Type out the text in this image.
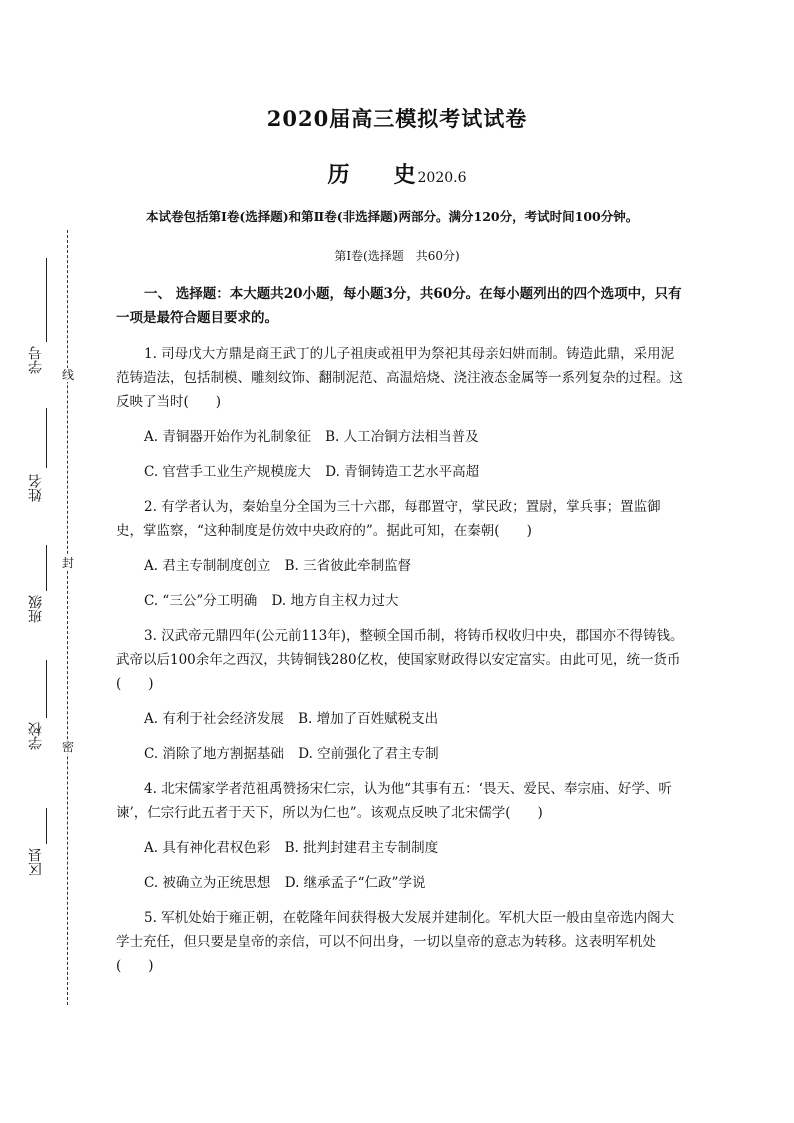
2020届高三模拟考试试卷
历 史 2020.6
本试卷包括第Ⅰ卷(选择题)和第Ⅱ卷(非选择题)两部分。满分120分，考试时间100分钟。
第Ⅰ卷(选择题　共60分)

一、 选择题：本大题共20小题，每小题3分，共60分。在每小题列出的四个选项中，只有一项是最符合题目要求的。

1. 司母戊大方鼎是商王武丁的儿子祖庚或祖甲为祭祀其母亲妇妌而制。铸造此鼎，采用泥范铸造法，包括制模、雕刻纹饰、翻制泥范、高温焙烧、浇注液态金属等一系列复杂的过程。这反映了当时(　　)

A. 青铜器开始作为礼制象征 B. 人工冶铜方法相当普及
C. 官营手工业生产规模庞大 D. 青铜铸造工艺水平高超

2. 有学者认为，秦始皇分全国为三十六郡，每郡置守，掌民政；置尉，掌兵事；置监御史，掌监察，“这种制度是仿效中央政府的”。据此可知，在秦朝(　　)

A. 君主专制制度创立 B. 三省彼此牵制监督
C. “三公”分工明确 D. 地方自主权力过大

3. 汉武帝元鼎四年(公元前113年)，整顿全国币制，将铸币权收归中央，郡国亦不得铸钱。武帝以后100余年之西汉，共铸铜钱280亿枚，使国家财政得以安定富实。由此可见，统一货币(　　)

A. 有利于社会经济发展 B. 增加了百姓赋税支出
C. 消除了地方割据基础 D. 空前强化了君主专制

4. 北宋儒家学者范祖禹赞扬宋仁宗，认为他“其事有五：‘畏天、爱民、奉宗庙、好学、听谏’，仁宗行此五者于天下，所以为仁也”。该观点反映了北宋儒学(　　)

A. 具有神化君权色彩 B. 批判封建君主专制制度
C. 被确立为正统思想 D. 继承孟子“仁政”学说

5. 军机处始于雍正朝，在乾隆年间获得极大发展并建制化。军机大臣一般由皇帝选内阁大学士充任，但只要是皇帝的亲信，可以不问出身，一切以皇帝的意志为转移。这表明军机处(　　)

线
封
密
学号
姓名
班级
学校
区县
